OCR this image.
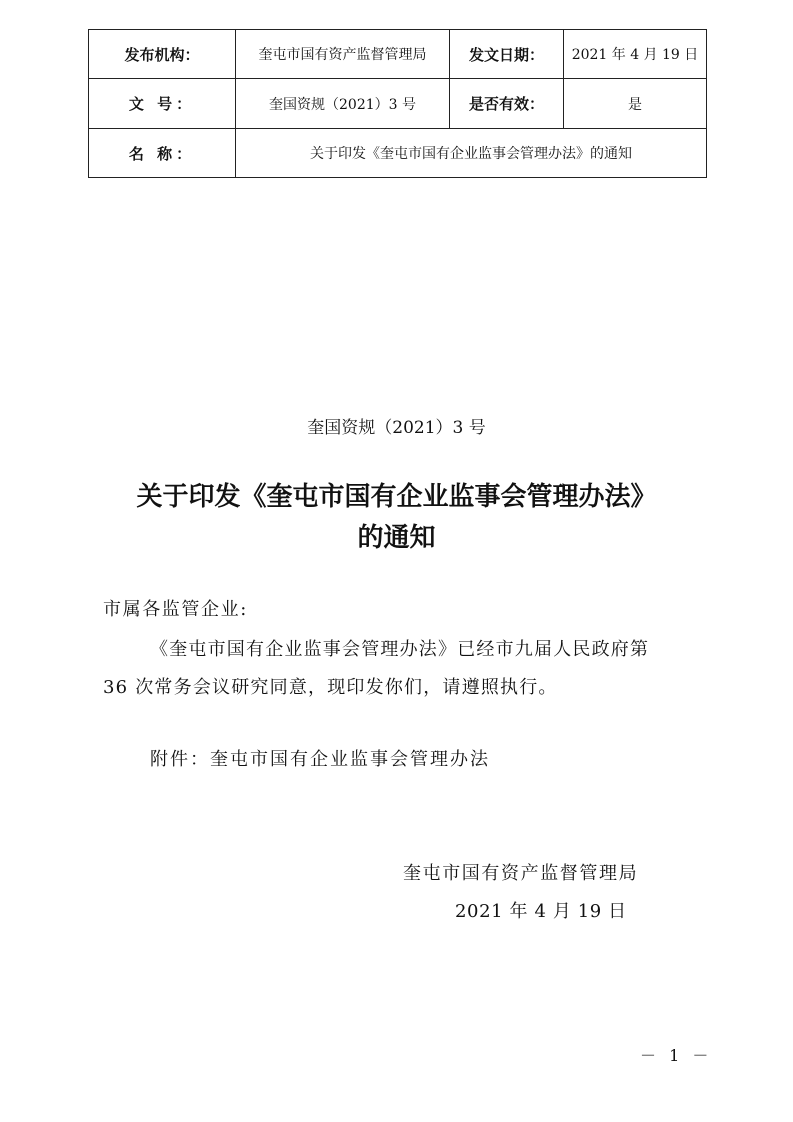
发布机构：	奎屯市国有资产监督管理局	发文日期：	2021 年 4 月 19 日
文 号：	奎国资规（2021）3 号	是否有效：	是
名 称：	关于印发《奎屯市国有企业监事会管理办法》的通知		
奎国资规（2021）3 号
关于印发《奎屯市国有企业监事会管理办法》
的通知
市属各监管企业:
《奎屯市国有企业监事会管理办法》已经市九届人民政府第
36 次常务会议研究同意，现印发你们，请遵照执行。
附件：奎屯市国有企业监事会管理办法
奎屯市国有资产监督管理局
2021 年 4 月 19 日
－ 1 －
